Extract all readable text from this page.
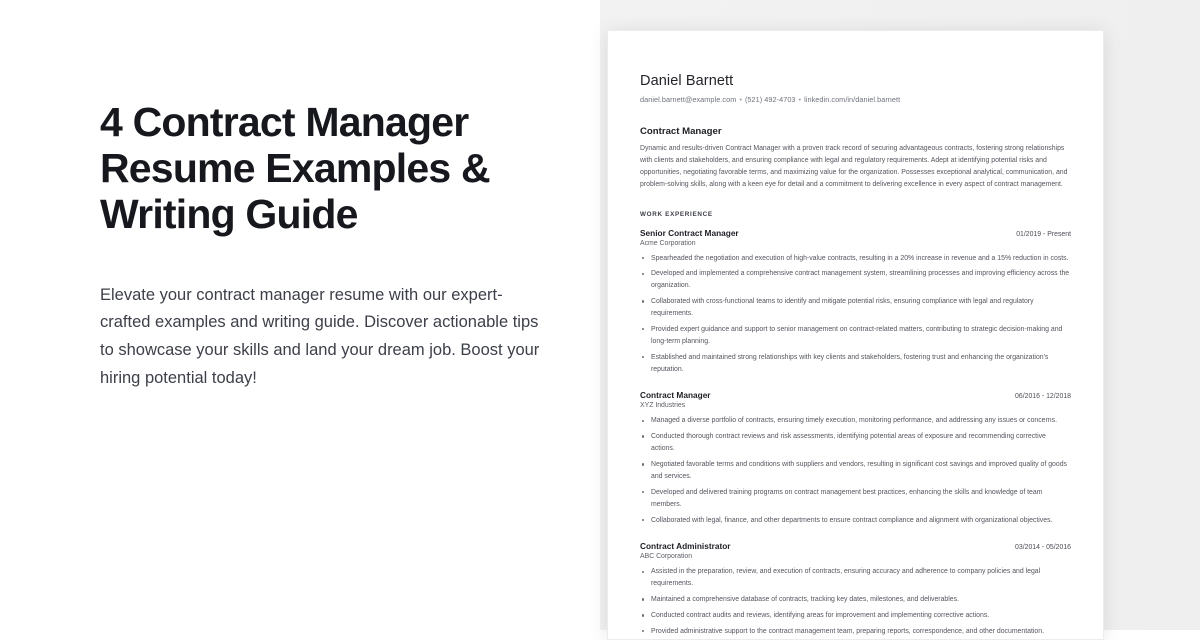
4 Contract Manager Resume Examples & Writing Guide

Elevate your contract manager resume with our expert-crafted examples and writing guide. Discover actionable tips to showcase your skills and land your dream job. Boost your hiring potential today!

Daniel Barnett
daniel.barnett@example.com • (521) 492-4703 • linkedin.com/in/daniel.barnett
Contract Manager
Dynamic and results-driven Contract Manager with a proven track record of securing advantageous contracts, fostering strong relationships with clients and stakeholders, and ensuring compliance with legal and regulatory requirements. Adept at identifying potential risks and opportunities, negotiating favorable terms, and maximizing value for the organization. Possesses exceptional analytical, communication, and problem-solving skills, along with a keen eye for detail and a commitment to delivering excellence in every aspect of contract management.
WORK EXPERIENCE
Senior Contract Manager	01/2019 - Present
Acme Corporation
Spearheaded the negotiation and execution of high-value contracts, resulting in a 20% increase in revenue and a 15% reduction in costs.
Developed and implemented a comprehensive contract management system, streamlining processes and improving efficiency across the organization.
Collaborated with cross-functional teams to identify and mitigate potential risks, ensuring compliance with legal and regulatory requirements.
Provided expert guidance and support to senior management on contract-related matters, contributing to strategic decision-making and long-term planning.
Established and maintained strong relationships with key clients and stakeholders, fostering trust and enhancing the organization's reputation.
Contract Manager	06/2016 - 12/2018
XYZ Industries
Managed a diverse portfolio of contracts, ensuring timely execution, monitoring performance, and addressing any issues or concerns.
Conducted thorough contract reviews and risk assessments, identifying potential areas of exposure and recommending corrective actions.
Negotiated favorable terms and conditions with suppliers and vendors, resulting in significant cost savings and improved quality of goods and services.
Developed and delivered training programs on contract management best practices, enhancing the skills and knowledge of team members.
Collaborated with legal, finance, and other departments to ensure contract compliance and alignment with organizational objectives.
Contract Administrator	03/2014 - 05/2016
ABC Corporation
Assisted in the preparation, review, and execution of contracts, ensuring accuracy and adherence to company policies and legal requirements.
Maintained a comprehensive database of contracts, tracking key dates, milestones, and deliverables.
Conducted contract audits and reviews, identifying areas for improvement and implementing corrective actions.
Provided administrative support to the contract management team, preparing reports, correspondence, and other documentation.
